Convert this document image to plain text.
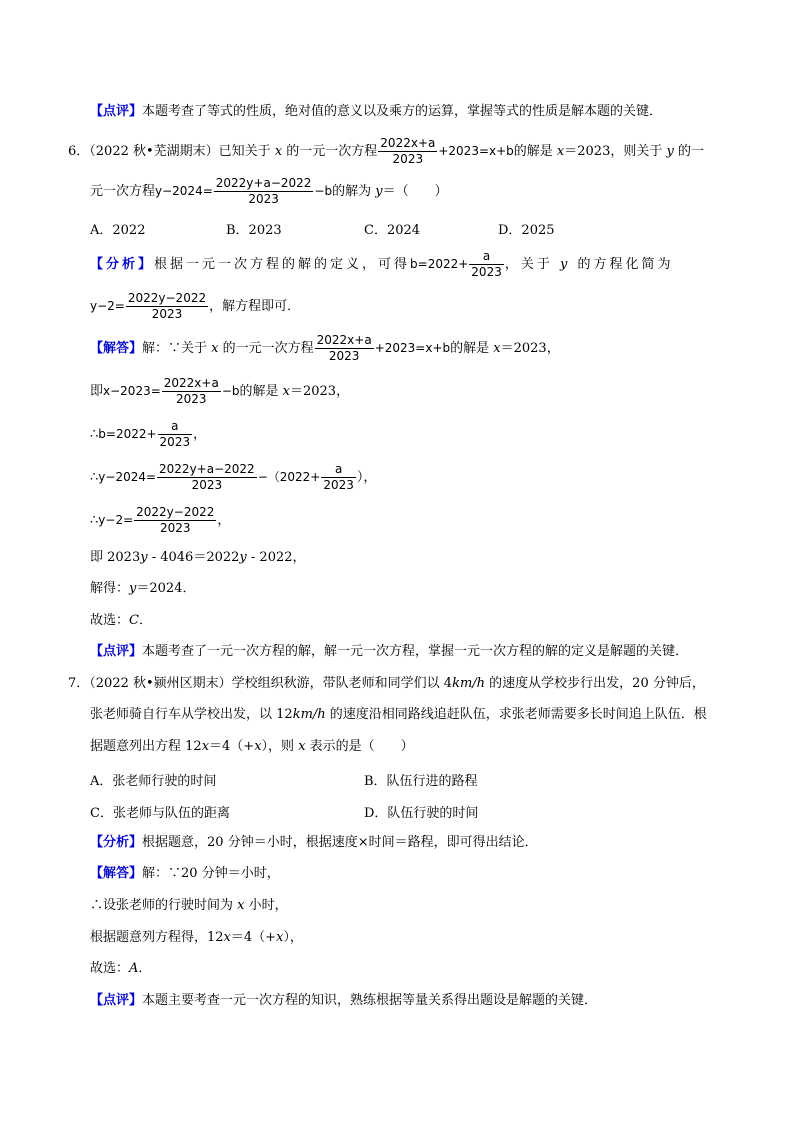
【点评】本题考查了等式的性质，绝对值的意义以及乘方的运算，掌握等式的性质是解本题的关键．
6．（2022 秋•芜湖期末）已知关于 x 的一元一次方程 $\frac{2022x+a}{2023} +2023=x+b$的解是 x＝2023，则关于 y 的一
元一次方程$y-2024= \frac{2022y+a-2022}{2023} -b$的解为 y＝（　　）
A．2022	B．2023	C．2024	D．2025
【分析】根据一元一次方程的解的定义，可得$b=2022+ \frac{a}{2023}$ ，关于 y 的方程化简为
$y-2= \frac{2022y-2022}{2023}$ ，解方程即可．
【解答】解：∵关于 x 的一元一次方程 $\frac{2022x+a}{2023} +2023=x+b$的解是 x＝2023，
即$x-2023= \frac{2022x+a}{2023} -b$的解是 x＝2023，
∴b=2022+ $\frac{a}{2023}$ ，
∴y−2024= $\frac{2022y+a-2022}{2023} -(2022+ \frac{a}{2023}$ ），
∴y−2= $\frac{2022y-2022}{2023}$ ，
即 2023y - 4046＝2022y - 2022，
解得：y＝2024．
故选：C．
【点评】本题考查了一元一次方程的解，解一元一次方程，掌握一元一次方程的解的定义是解题的关键．
7．（2022 秋•颍州区期末）学校组织秋游，带队老师和同学们以 4km/h 的速度从学校步行出发，20 分钟后，
张老师骑自行车从学校出发，以 12km/h 的速度沿相同路线追赶队伍，求张老师需要多长时间追上队伍．根
据题意列出方程 12x＝4（+x），则 x 表示的是（　　）
A．张老师行驶的时间	B．队伍行进的路程
C．张老师与队伍的距离	D．队伍行驶的时间
【分析】根据题意，20 分钟＝小时，根据速度×时间＝路程，即可得出结论．
【解答】解：∵20 分钟＝小时，
∴设张老师的行驶时间为 x 小时，
根据题意列方程得，12x＝4（+x），
故选：A．
【点评】本题主要考查一元一次方程的知识，熟练根据等量关系得出题设是解题的关键．
